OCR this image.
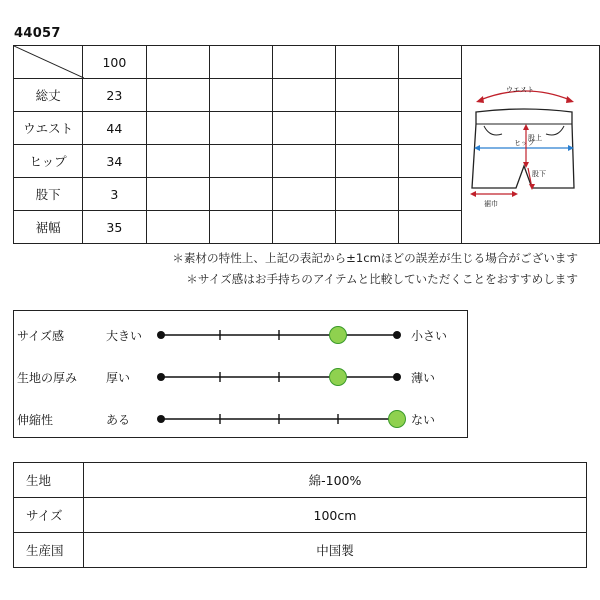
44057
	100						ウエスト
ヒップ
股上
股下
裾巾

総丈	23						
ウエスト	44						
ヒップ	34						
股下	3						
裾幅	35						
＊素材の特性上、上記の表記から±1cmほどの誤差が生じる場合がございます
＊サイズ感はお手持ちのアイテムと比較していただくことをおすすめします
サイズ感	大きい	小さい
生地の厚み	厚い	薄い
伸縮性	ある	ない
生地	綿-100%
サイズ	100cm
生産国	中国製
